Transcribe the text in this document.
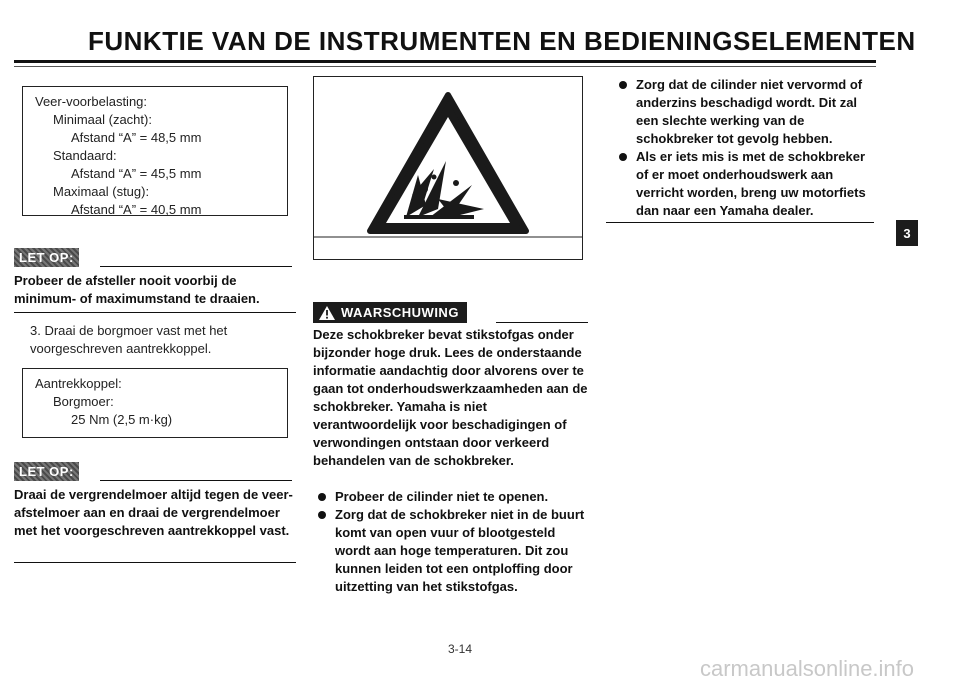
FUNKTIE VAN DE INSTRUMENTEN EN BEDIENINGSELEMENTEN
Veer-voorbelasting:
Minimaal (zacht):
Afstand “A” = 48,5 mm
Standaard:
Afstand “A” = 45,5 mm
Maximaal (stug):
Afstand “A” = 40,5 mm
LET OP:
Probeer de afsteller nooit voorbij de minimum- of maximumstand te draaien.
3. Draai de borgmoer vast met het voorgeschreven aantrekkoppel.
Aantrekkoppel:
Borgmoer:
25 Nm (2,5 m·kg)
LET OP:
Draai de vergrendelmoer altijd tegen de veer-afstelmoer aan en draai de vergrendelmoer met het voorgeschreven aantrekkoppel vast.
WAARSCHUWING
Deze schokbreker bevat stikstofgas onder bijzonder hoge druk. Lees de onderstaande informatie aandachtig door alvorens over te gaan tot onderhoudswerkzaamheden aan de schokbreker. Yamaha is niet verantwoordelijk voor beschadigingen of verwondingen ontstaan door verkeerd behandelen van de schokbreker.
Probeer de cilinder niet te openen.
Zorg dat de schokbreker niet in de buurt komt van open vuur of blootgesteld wordt aan hoge temperaturen. Dit zou kunnen leiden tot een ontploffing door uitzetting van het stikstofgas.
Zorg dat de cilinder niet vervormd of anderzins beschadigd wordt. Dit zal een slechte werking van de schokbreker tot gevolg hebben.
Als er iets mis is met de schokbreker of er moet onderhoudswerk aan verricht worden, breng uw motorfiets dan naar een Yamaha dealer.
3
3-14
carmanualsonline.info
